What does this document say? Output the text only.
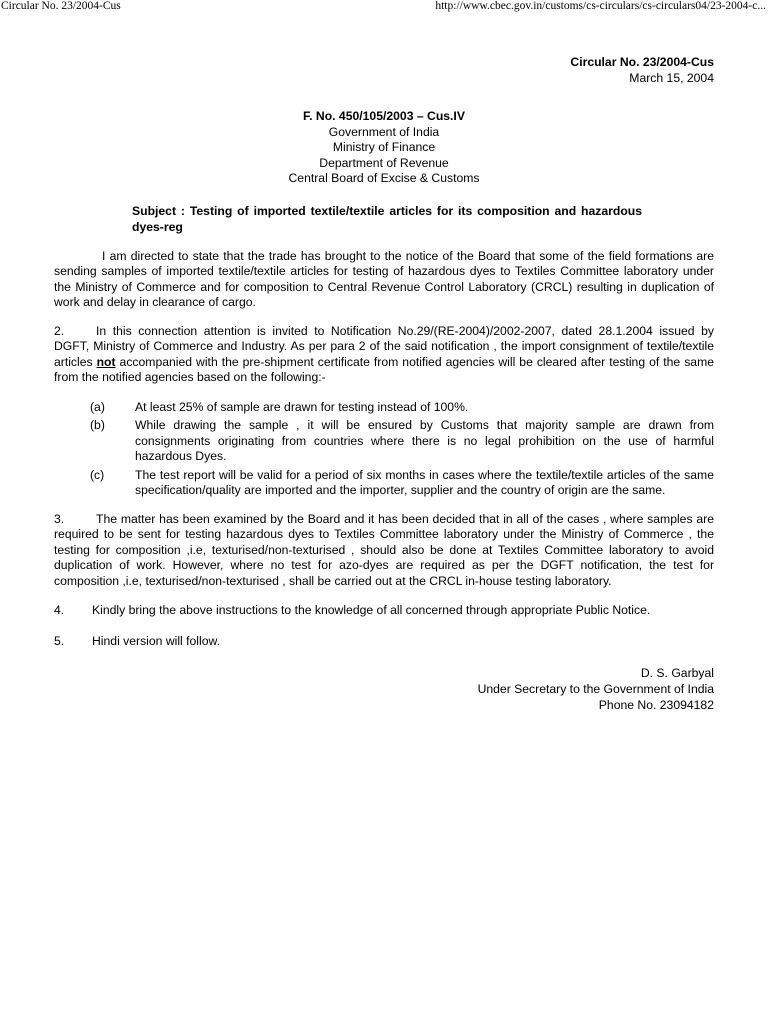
Circular No. 23/2004-Cus	http://www.cbec.gov.in/customs/cs-circulars/cs-circulars04/23-2004-c...
Circular No. 23/2004-Cus
March 15, 2004
F. No. 450/105/2003 – Cus.IV
Government of India
Ministry of Finance
Department of Revenue
Central Board of Excise & Customs
Subject : Testing of imported textile/textile articles for its composition and hazardous dyes-reg

I am directed to state that the trade has brought to the notice of the Board that some of the field formations are sending samples of imported textile/textile articles for testing of hazardous dyes to Textiles Committee laboratory under the Ministry of Commerce and for composition to Central Revenue Control Laboratory (CRCL) resulting in duplication of work and delay in clearance of cargo.

2.	In this connection attention is invited to Notification No.29/(RE-2004)/2002-2007, dated 28.1.2004 issued by DGFT, Ministry of Commerce and Industry. As per para 2 of the said notification , the import consignment of textile/textile articles not accompanied with the pre-shipment certificate from notified agencies will be cleared after testing of the same from the notified agencies based on the following:-

(a)	At least 25% of sample are drawn for testing instead of 100%.
(b)	While drawing the sample , it will be ensured by Customs that majority sample are drawn from consignments originating from countries where there is no legal prohibition on the use of harmful hazardous Dyes.
(c)	The test report will be valid for a period of six months in cases where the textile/textile articles of the same specification/quality are imported and the importer, supplier and the country of origin are the same.

3.	The matter has been examined by the Board and it has been decided that in all of the cases , where samples are required to be sent for testing hazardous dyes to Textiles Committee laboratory under the Ministry of Commerce , the testing for composition ,i.e, texturised/non-texturised , should also be done at Textiles Committee laboratory to avoid duplication of work. However, where no test for azo-dyes are required as per the DGFT notification, the test for composition ,i.e, texturised/non-texturised , shall be carried out at the CRCL in-house testing laboratory.

4.	Kindly bring the above instructions to the knowledge of all concerned through appropriate Public Notice.
5.	Hindi version will follow.
D. S. Garbyal
Under Secretary to the Government of India
Phone No. 23094182
